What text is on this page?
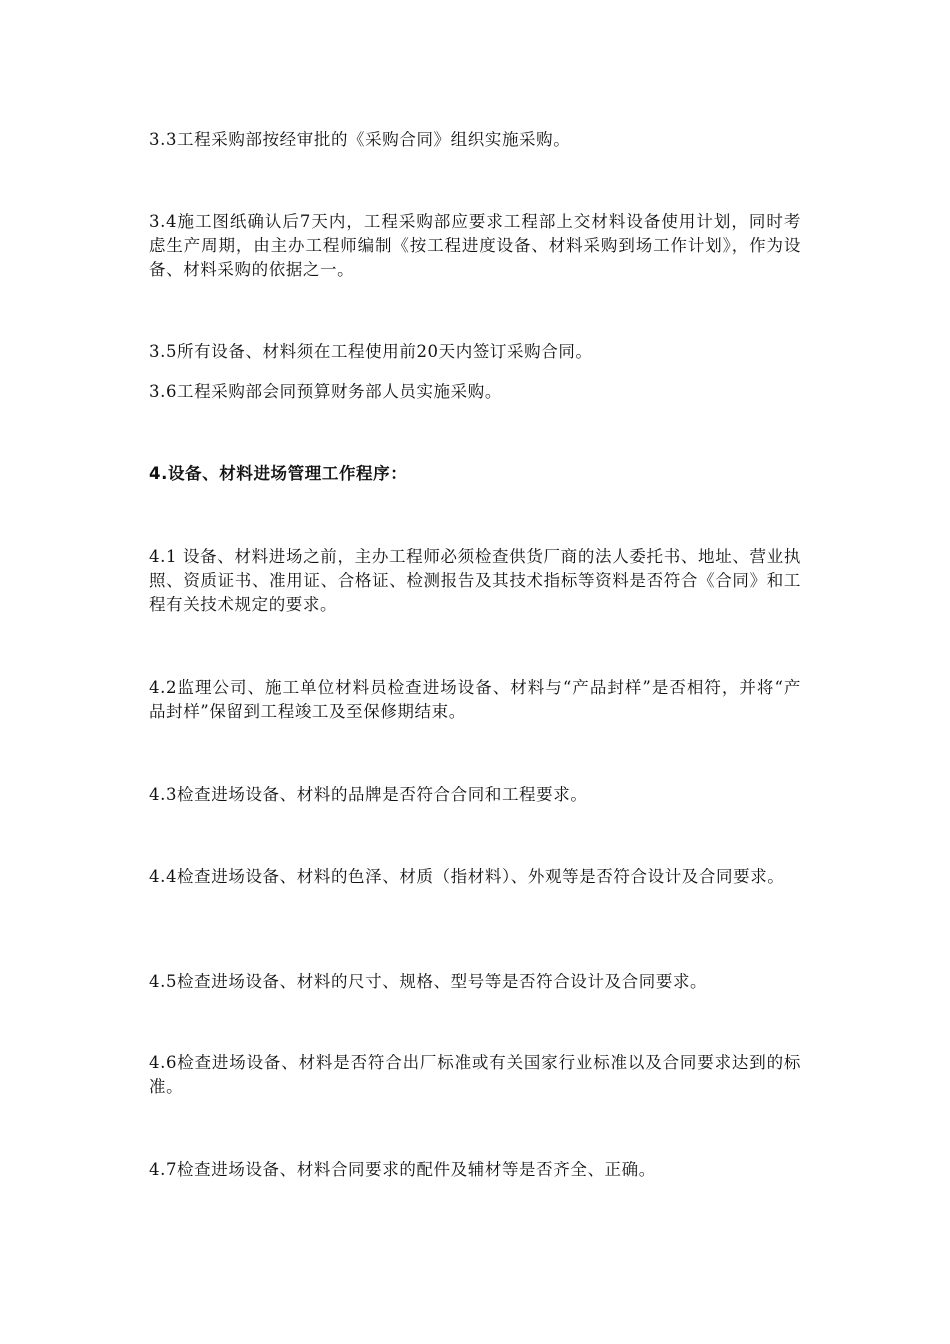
3.3工程采购部按经审批的《采购合同》组织实施采购。

3.4施工图纸确认后7天内，工程采购部应要求工程部上交材料设备使用计划，同时考虑生产周期，由主办工程师编制《按工程进度设备、材料采购到场工作计划》，作为设备、材料采购的依据之一。

3.5所有设备、材料须在工程使用前20天内签订采购合同。

3.6工程采购部会同预算财务部人员实施采购。

4.设备、材料进场管理工作程序：

4.1 设备、材料进场之前，主办工程师必须检查供货厂商的法人委托书、地址、营业执照、资质证书、准用证、合格证、检测报告及其技术指标等资料是否符合《合同》和工程有关技术规定的要求。

4.2监理公司、施工单位材料员检查进场设备、材料与“产品封样”是否相符，并将“产品封样”保留到工程竣工及至保修期结束。

4.3检查进场设备、材料的品牌是否符合合同和工程要求。

4.4检查进场设备、材料的色泽、材质（指材料）、外观等是否符合设计及合同要求。

4.5检查进场设备、材料的尺寸、规格、型号等是否符合设计及合同要求。

4.6检查进场设备、材料是否符合出厂标准或有关国家行业标准以及合同要求达到的标准。

4.7检查进场设备、材料合同要求的配件及辅材等是否齐全、正确。
